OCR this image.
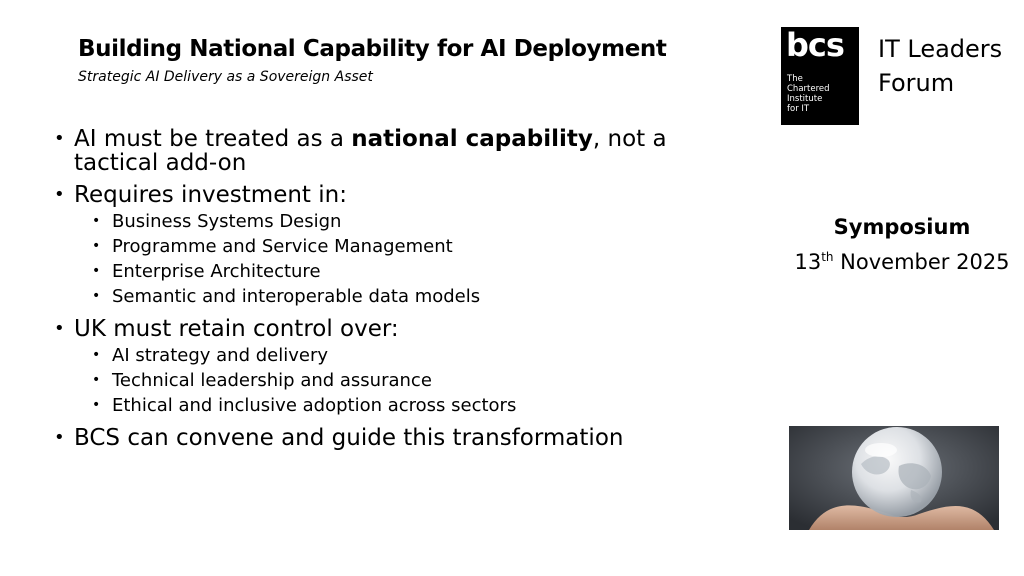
Building National Capability for AI Deployment
Strategic AI Delivery as a Sovereign Asset
• AI must be treated as a national capability, not a tactical add-on
• Requires investment in:
• Business Systems Design
• Programme and Service Management
• Enterprise Architecture
• Semantic and interoperable data models
• UK must retain control over:
• AI strategy and delivery
• Technical leadership and assurance
• Ethical and inclusive adoption across sectors
• BCS can convene and guide this transformation
bcs
The
Chartered
Institute
for IT
IT Leaders
Forum
Symposium
13th November 2025
